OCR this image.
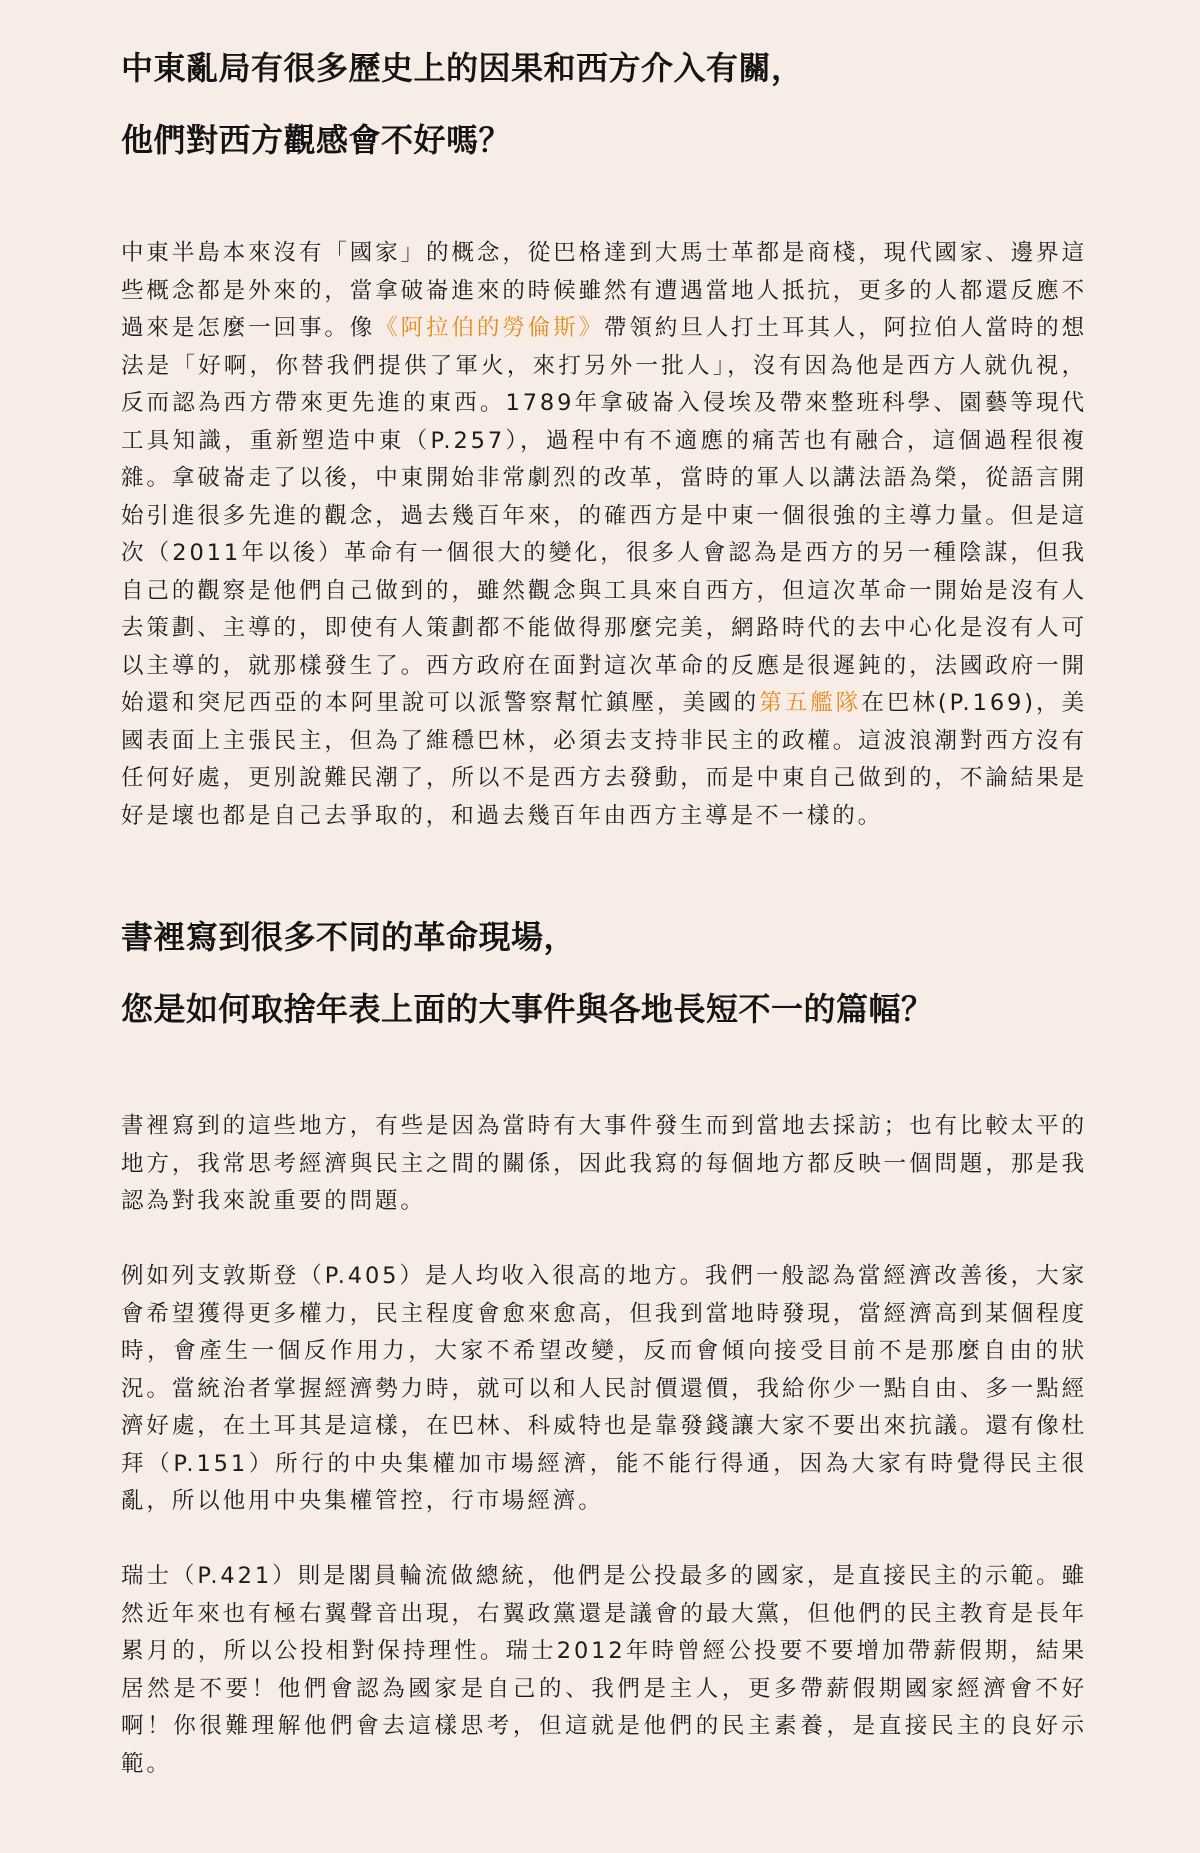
中東亂局有很多歷史上的因果和西方介入有關，
他們對西方觀感會不好嗎？

中東半島本來沒有「國家」的概念，從巴格達到大馬士革都是商棧，現代國家、邊界這些概念都是外來的，當拿破崙進來的時候雖然有遭遇當地人抵抗，更多的人都還反應不過來是怎麼一回事。像《阿拉伯的勞倫斯》帶領約旦人打土耳其人，阿拉伯人當時的想法是「好啊，你替我們提供了軍火，來打另外一批人」，沒有因為他是西方人就仇視，反而認為西方帶來更先進的東西。1789年拿破崙入侵埃及帶來整班科學、園藝等現代工具知識，重新塑造中東（P.257），過程中有不適應的痛苦也有融合，這個過程很複雜。拿破崙走了以後，中東開始非常劇烈的改革，當時的軍人以講法語為榮，從語言開始引進很多先進的觀念，過去幾百年來，的確西方是中東一個很強的主導力量。但是這次（2011年以後）革命有一個很大的變化，很多人會認為是西方的另一種陰謀，但我自己的觀察是他們自己做到的，雖然觀念與工具來自西方，但這次革命一開始是沒有人去策劃、主導的，即使有人策劃都不能做得那麼完美，網路時代的去中心化是沒有人可以主導的，就那樣發生了。西方政府在面對這次革命的反應是很遲鈍的，法國政府一開始還和突尼西亞的本阿里說可以派警察幫忙鎮壓，美國的第五艦隊在巴林(P.169)，美國表面上主張民主，但為了維穩巴林，必須去支持非民主的政權。這波浪潮對西方沒有任何好處，更別說難民潮了，所以不是西方去發動，而是中東自己做到的，不論結果是好是壞也都是自己去爭取的，和過去幾百年由西方主導是不一樣的。

書裡寫到很多不同的革命現場，
您是如何取捨年表上面的大事件與各地長短不一的篇幅？

書裡寫到的這些地方，有些是因為當時有大事件發生而到當地去採訪；也有比較太平的地方，我常思考經濟與民主之間的關係，因此我寫的每個地方都反映一個問題，那是我認為對我來說重要的問題。

例如列支敦斯登（P.405）是人均收入很高的地方。我們一般認為當經濟改善後，大家會希望獲得更多權力，民主程度會愈來愈高，但我到當地時發現，當經濟高到某個程度時，會產生一個反作用力，大家不希望改變，反而會傾向接受目前不是那麼自由的狀況。當統治者掌握經濟勢力時，就可以和人民討價還價，我給你少一點自由、多一點經濟好處，在土耳其是這樣，在巴林、科威特也是靠發錢讓大家不要出來抗議。還有像杜拜（P.151）所行的中央集權加市場經濟，能不能行得通，因為大家有時覺得民主很亂，所以他用中央集權管控，行市場經濟。

瑞士（P.421）則是閣員輪流做總統，他們是公投最多的國家，是直接民主的示範。雖然近年來也有極右翼聲音出現，右翼政黨還是議會的最大黨，但他們的民主教育是長年累月的，所以公投相對保持理性。瑞士2012年時曾經公投要不要增加帶薪假期，結果居然是不要！他們會認為國家是自己的、我們是主人，更多帶薪假期國家經濟會不好啊！你很難理解他們會去這樣思考，但這就是他們的民主素養，是直接民主的良好示範。
